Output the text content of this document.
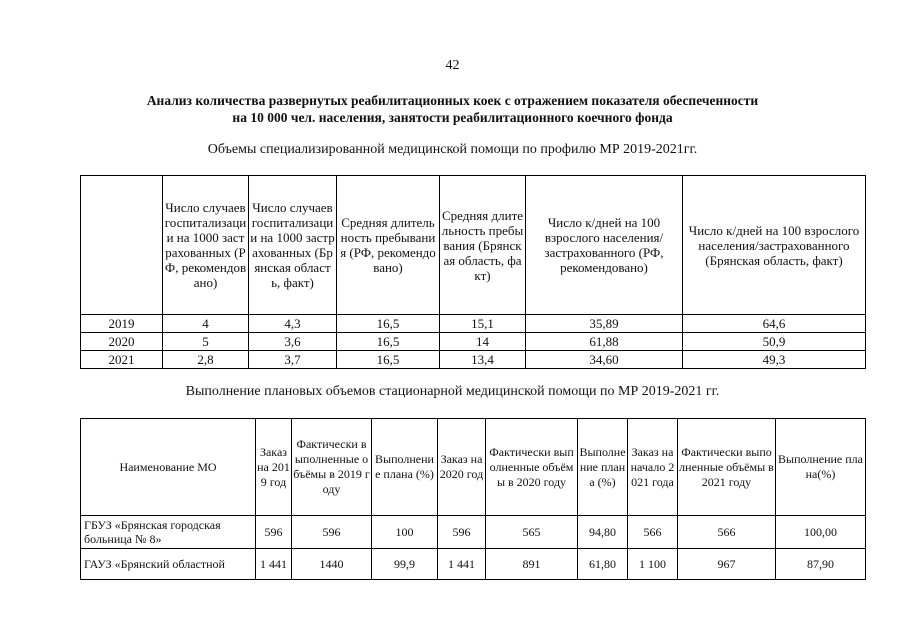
42
Анализ количества развернутых реабилитационных коек с отражением показателя обеспеченности
на 10 000 чел. населения, занятости реабилитационного коечного фонда
Объемы специализированной медицинской помощи по профилю МР 2019-2021гг.
	Число случаев госпитализации на 1000 застрахованных (РФ, рекомендовано)	Число случаев госпитализации на 1000 застрахованных (Брянская область, факт)	Средняя длительность пребывания (РФ, рекомендовано)	Средняя длительность пребывания (Брянская область, факт)	Число к/дней на 100 взрослого населения/застрахованного (РФ, рекомендовано)	Число к/дней на 100 взрослого населения/застрахованного (Брянская область, факт)
2019	4	4,3	16,5	15,1	35,89	64,6
2020	5	3,6	16,5	14	61,88	50,9
2021	2,8	3,7	16,5	13,4	34,60	49,3
Выполнение плановых объемов стационарной медицинской помощи по МР 2019-2021 гг.
Наименование МО	Заказ на 2019 год	Фактически выполненные объёмы в 2019 году	Выполнение плана (%)	Заказ на 2020 год	Фактически выполненные объёмы в 2020 году	Выполнение плана (%)	Заказ на начало 2021 года	Фактически выполненные объёмы в 2021 году	Выполнение плана(%)
ГБУЗ «Брянская городская больница № 8»	596	596	100	596	565	94,80	566	566	100,00
ГАУЗ «Брянский областной	1 441	1440	99,9	1 441	891	61,80	1 100	967	87,90
